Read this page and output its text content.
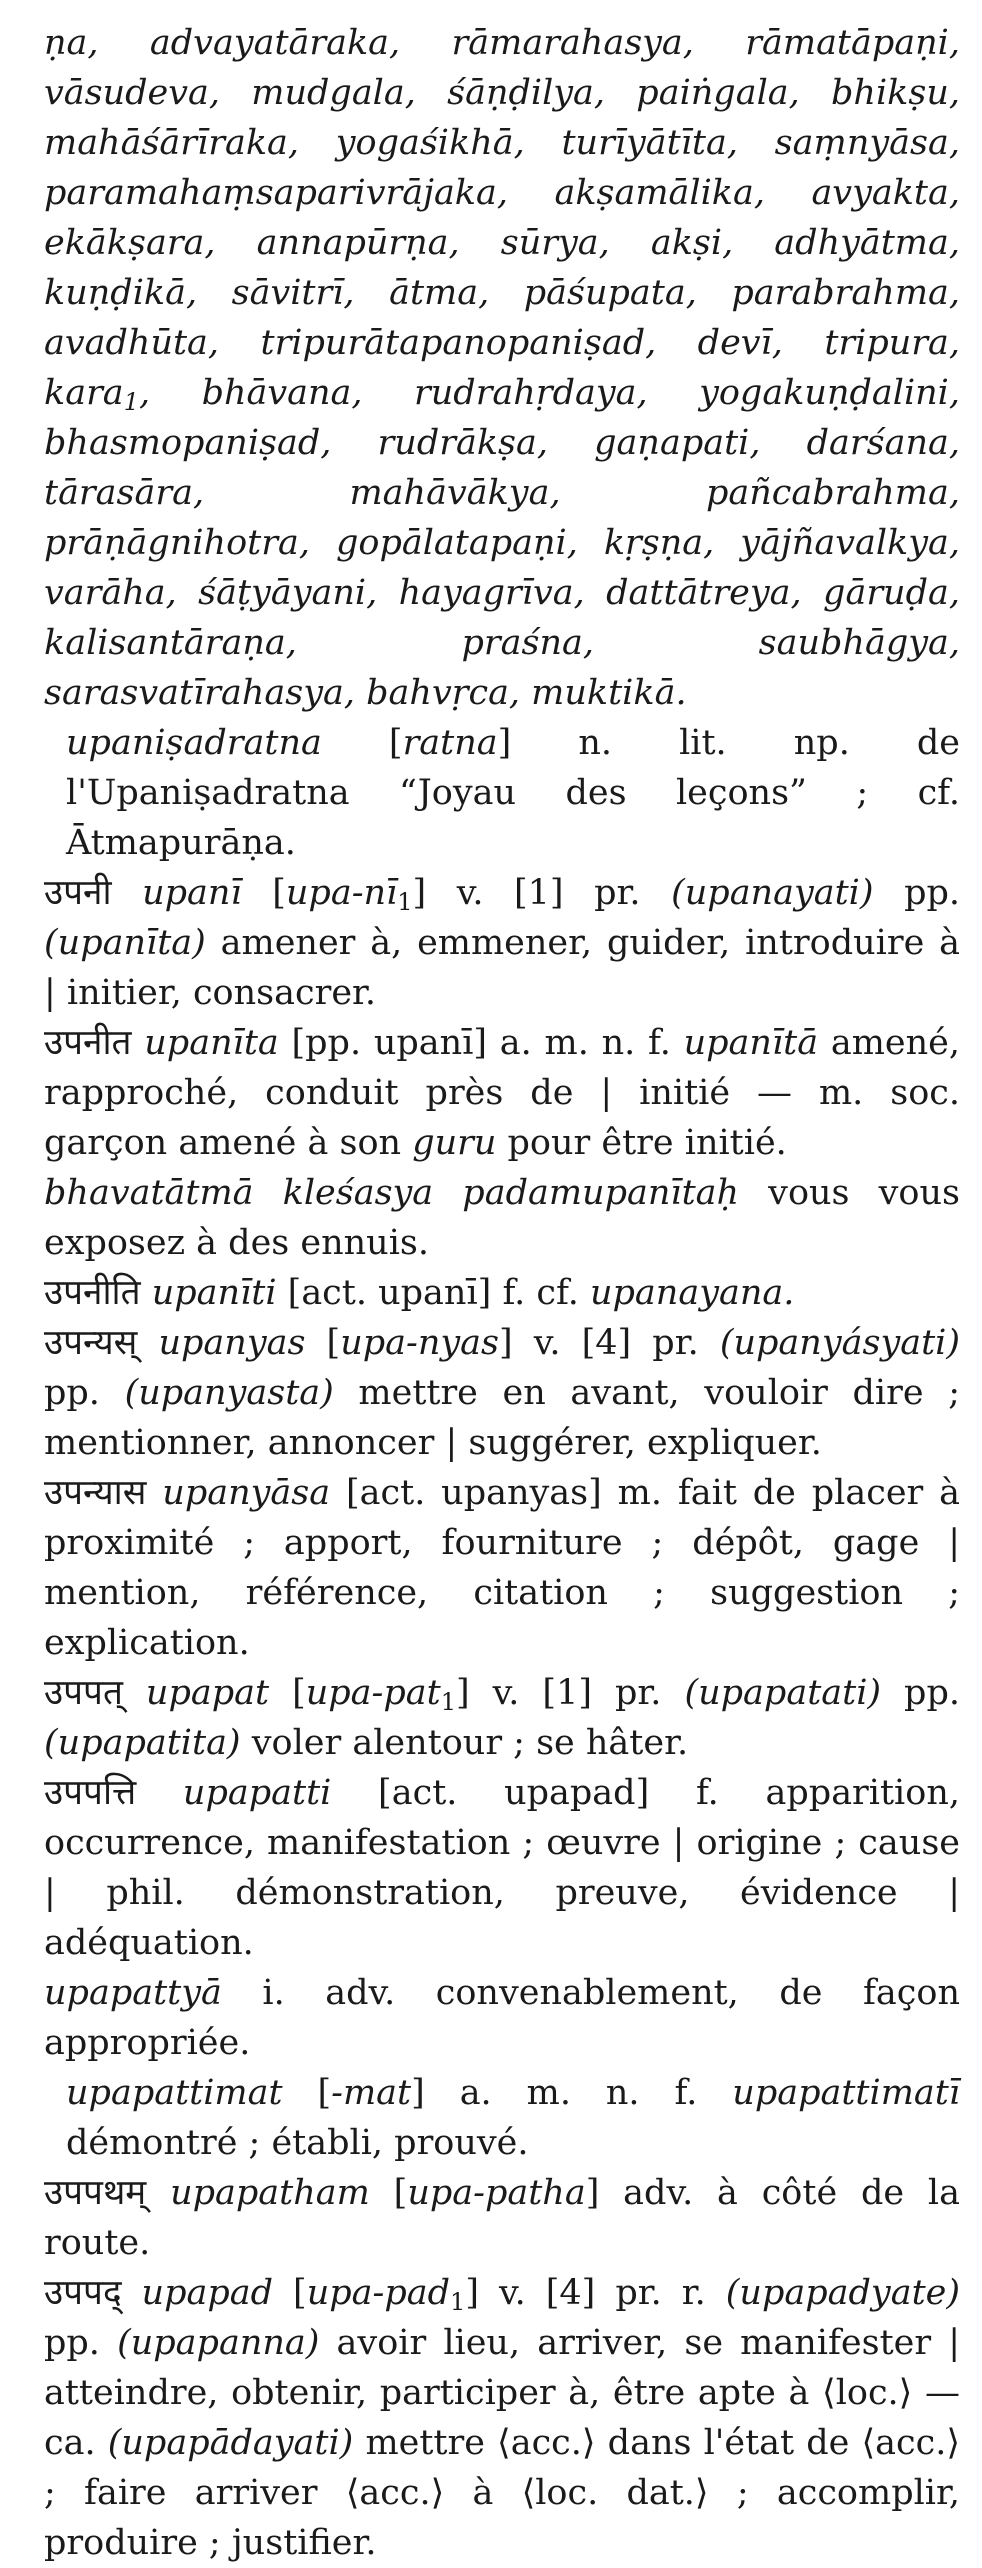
ṇa, advayatāraka, rāmarahasya, rāmatāpaṇi, vāsudeva, mudgala, śāṇḍilya, paiṅgala, bhikṣu, mahāśārīraka, yogaśikhā, turīyātīta, saṃnyāsa, paramahaṃsaparivrājaka, akṣamālika, avyakta, ekākṣara, annapūrṇa, sūrya, akṣi, adhyātma, kuṇḍikā, sāvitrī, ātma, pāśupata, parabrahma, avadhūta, tripurātapanopaniṣad, devī, tripura, kara$_1$, bhāvana, rudrahṛdaya, yogakuṇḍalini, bhasmopaniṣad, rudrākṣa, gaṇapati, darśana, tārasāra, mahāvākya, pañcabrahma, prāṇāgnihotra, gopālatapaṇi, kṛṣṇa, yājñavalkya, varāha, śāṭyāyani, hayagrīva, dattātreya, gāruḍa, kalisantāraṇa, praśna, saubhāgya, sarasvatīrahasya, bahvṛca, muktikā.

upaniṣadratna [ratna] n. lit. np. de l'Upaniṣadratna “Joyau des leçons” ; cf. Ātmapurāṇa.

उपनी upanī $[upa-nī_1]$ v. [1] pr. (upanayati) pp. (upanīta) amener à, emmener, guider, introduire à | initier, consacrer.

उपनीत upanīta [pp. upanī] a. m. n. f. upanītā amené, rapproché, conduit près de | initié — m. soc. garçon amené à son guru pour être initié.

bhavatātmā kleśasya padamupanītaḥ vous vous exposez à des ennuis.

उपनीति upanīti [act. upanī] f. cf. upanayana.

उपन्यस् upanyas [upa-nyas] v. [4] pr. (upanyásyati) pp. (upanyasta) mettre en avant, vouloir dire ; mentionner, annoncer | suggérer, expliquer.

उपन्यास upanyāsa [act. upanyas] m. fait de placer à proximité ; apport, fourniture ; dépôt, gage | mention, référence, citation ; suggestion ; explication.

उपपत् upapat [upa-pat$_1$] v. [1] pr. (upapatati) pp. (upapatita) voler alentour ; se hâter.

उपपत्ति upapatti [act. upapad] f. apparition, occurrence, manifestation ; œuvre | origine ; cause | phil. démonstration, preuve, évidence | adéquation.

upapattyā i. adv. convenablement, de façon appropriée.

upapattimat [-mat] a. m. n. f. upapattimatī démontré ; établi, prouvé.

उपपथम् upapatham [upa-patha] adv. à côté de la route.

उपपद् upapad [upa-pad$_1$] v. [4] pr. r. (upapadyate) pp. (upapanna) avoir lieu, arriver, se manifester | atteindre, obtenir, participer à, être apte à ⟨loc.⟩ — ca. (upapādayati) mettre ⟨acc.⟩ dans l'état de ⟨acc.⟩ ; faire arriver ⟨acc.⟩ à ⟨loc. dat.⟩ ; accomplir, produire ; justifier.
